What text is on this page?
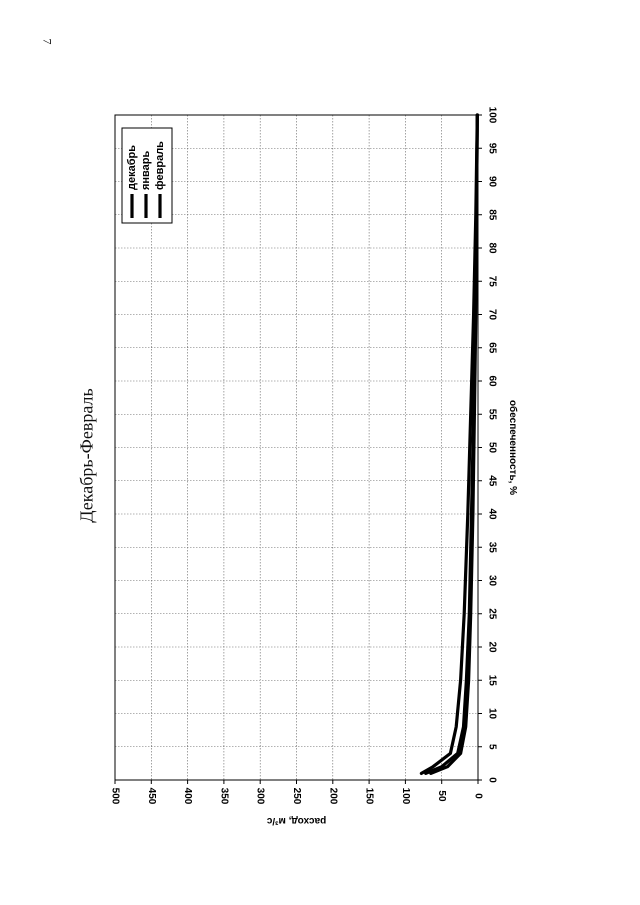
7
Декабрь-Февраль
0
5
10
15
20
25
30
35
40
45
50
55
60
65
70
75
80
85
90
95
100
0
50
100
150
200
250
300
350
400
450
500
обеспеченность, %
расход, м³/с
декабрь январь февраль
